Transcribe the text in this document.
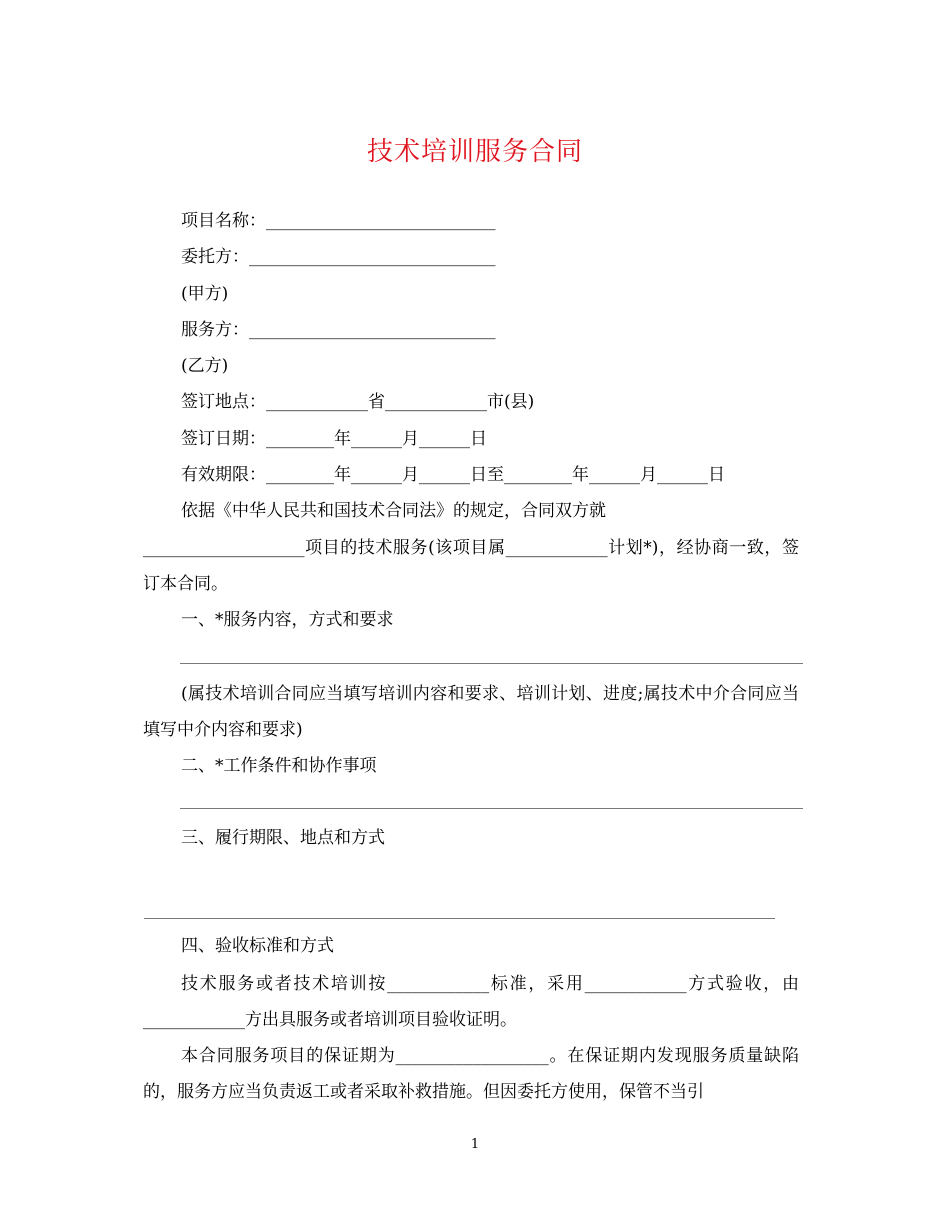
技术培训服务合同
项目名称：___________________________
委托方：_____________________________
(甲方)
服务方：_____________________________
(乙方)
签订地点：____________省____________市(县)
签订日期：________年______月______日
有效期限：________年______月______日至________年______月______日
依据《中华人民共和国技术合同法》的规定，合同双方就
___________________项目的技术服务(该项目属____________计划*)，经协商一致，签订本合同。
一、*服务内容，方式和要求
(属技术培训合同应当填写培训内容和要求、培训计划、进度;属技术中介合同应当填写中介内容和要求)
二、*工作条件和协作事项
三、履行期限、地点和方式
四、验收标准和方式
技术服务或者技术培训按____________标准，采用____________方式验收，由____________方出具服务或者培训项目验收证明。
本合同服务项目的保证期为__________________。在保证期内发现服务质量缺陷的，服务方应当负责返工或者采取补救措施。但因委托方使用，保管不当引
1
